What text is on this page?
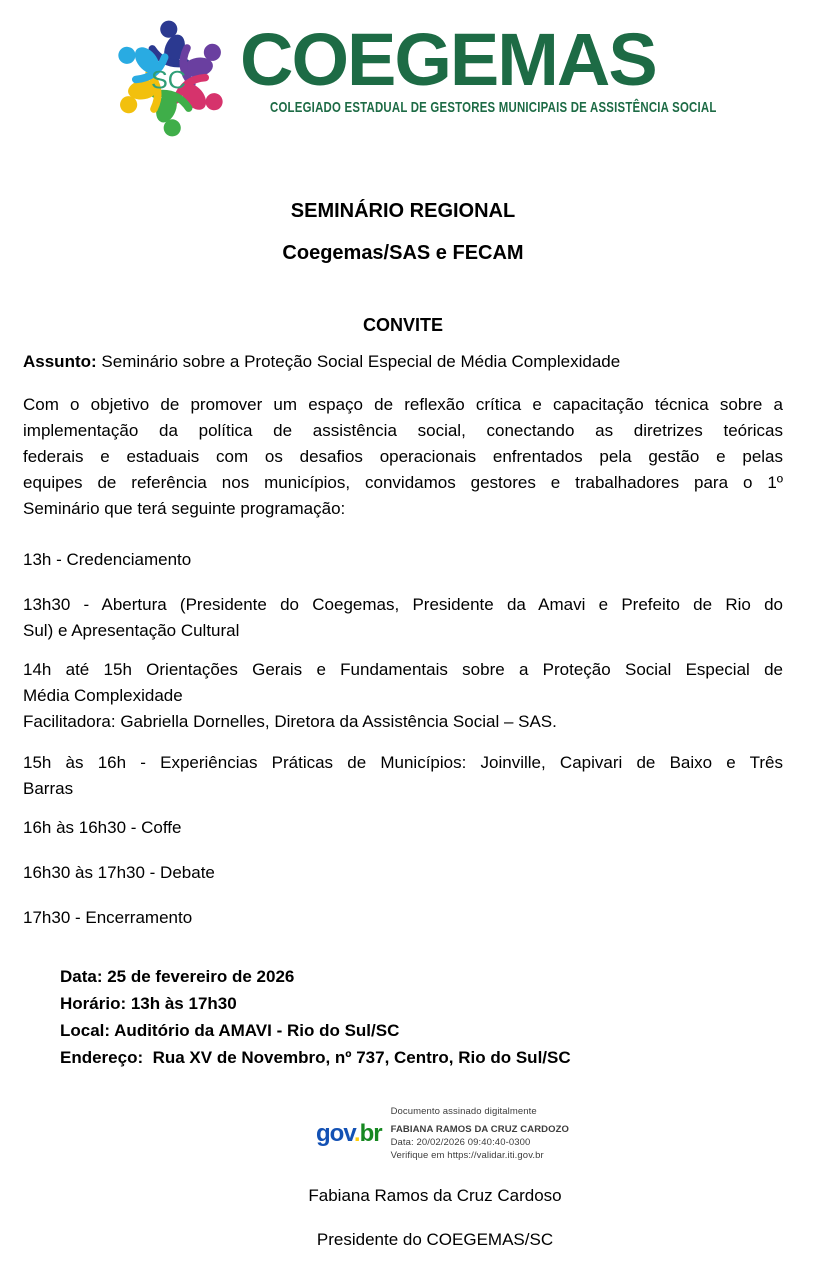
SC COEGEMAS
COLEGIADO ESTADUAL DE GESTORES MUNICIPAIS DE ASSISTÊNCIA SOCIAL
SEMINÁRIO REGIONAL
Coegemas/SAS e FECAM
CONVITE

Assunto: Seminário sobre a Proteção Social Especial de Média Complexidade

Com o objetivo de promover um espaço de reflexão crítica e capacitação técnica sobre a
implementação da política de assistência social, conectando as diretrizes teóricas
federais e estaduais com os desafios operacionais enfrentados pela gestão e pelas
equipes de referência nos municípios, convidamos gestores e trabalhadores para o 1º
Seminário que terá seguinte programação:
13h - Credenciamento
13h30 - Abertura (Presidente do Coegemas, Presidente da Amavi e Prefeito de Rio do
Sul) e Apresentação Cultural
14h até 15h Orientações Gerais e Fundamentais sobre a Proteção Social Especial de
Média Complexidade
Facilitadora: Gabriella Dornelles, Diretora da Assistência Social – SAS.
15h às 16h - Experiências Práticas de Municípios: Joinville, Capivari de Baixo e Três
Barras
16h às 16h30 - Coffe
16h30 às 17h30 - Debate
17h30 - Encerramento
Data: 25 de fevereiro de 2026
Horário: 13h às 17h30
Local: Auditório da AMAVI - Rio do Sul/SC
Endereço:  Rua XV de Novembro, nº 737, Centro, Rio do Sul/SC
gov.br
Documento assinado digitalmente
FABIANA RAMOS DA CRUZ CARDOZO
Data: 20/02/2026 09:40:40-0300
Verifique em https://validar.iti.gov.br
Fabiana Ramos da Cruz Cardoso
Presidente do COEGEMAS/SC
